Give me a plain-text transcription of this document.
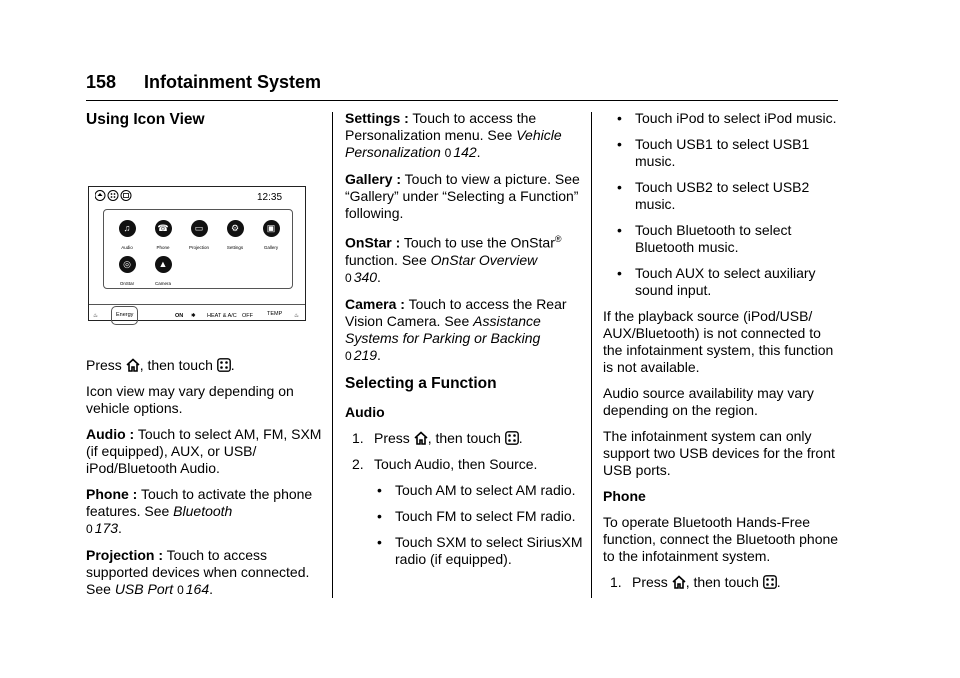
158 Infotainment System
Using Icon View
12:35
♫
Audio
☎
Phone
▭
Projection
⚙
Settings
▣
Gallery
◎
OnStar
▲
Camera
♨	Energy	ON ✱ HEAT & A/C OFF	TEMP ♨

Press , then touch .

Icon view may vary depending on vehicle options.

Audio : Touch to select AM, FM, SXM (if equipped), AUX, or USB/ iPod/Bluetooth Audio.

Phone : Touch to activate the phone features. See Bluetooth
0 173.

Projection : Touch to access supported devices when connected. See USB Port 0 164.

Settings : Touch to access the Personalization menu. See Vehicle Personalization 0 142.

Gallery : Touch to view a picture. See “Gallery” under “Selecting a Function” following.

OnStar : Touch to use the OnStar® function. See OnStar Overview
0 340.

Camera : Touch to access the Rear Vision Camera. See Assistance Systems for Parking or Backing
0 219.

Selecting a Function
Audio
1. Press , then touch .
2. Touch Audio, then Source.
• Touch AM to select AM radio.
• Touch FM to select FM radio.
• Touch SXM to select SiriusXM radio (if equipped).
• Touch iPod to select iPod music.
• Touch USB1 to select USB1 music.
• Touch USB2 to select USB2 music.
• Touch Bluetooth to select Bluetooth music.
• Touch AUX to select auxiliary sound input.

If the playback source (iPod/USB/ AUX/Bluetooth) is not connected to the infotainment system, this function is not available.

Audio source availability may vary depending on the region.

The infotainment system can only support two USB devices for the front USB ports.

Phone

To operate Bluetooth Hands-Free function, connect the Bluetooth phone to the infotainment system.

1. Press , then touch .
